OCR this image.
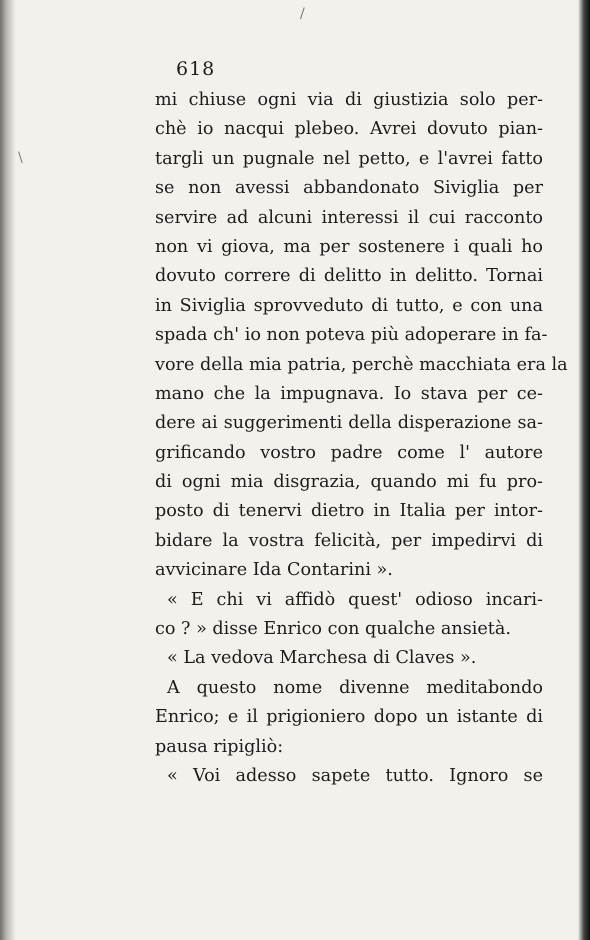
618
mi chiuse ogni via di giustizia solo per-
chè io nacqui plebeo. Avrei dovuto pian-
targli un pugnale nel petto, e l'avrei fatto
se non avessi abbandonato Siviglia per
servire ad alcuni interessi il cui racconto
non vi giova, ma per sostenere i quali ho
dovuto correre di delitto in delitto. Tornai
in Siviglia sprovveduto di tutto, e con una
spada ch' io non poteva più adoperare in fa-
vore della mia patria, perchè macchiata era la
mano che la impugnava. Io stava per ce-
dere ai suggerimenti della disperazione sa-
grificando vostro padre come l' autore
di ogni mia disgrazia, quando mi fu pro-
posto di tenervi dietro in Italia per intor-
bidare la vostra felicità, per impedirvi di
avvicinare Ida Contarini ».
« E chi vi affidò quest' odioso incari-
co ? » disse Enrico con qualche ansietà.
« La vedova Marchesa di Claves ».
A questo nome divenne meditabondo
Enrico; e il prigioniero dopo un istante di
pausa ripigliò:
« Voi adesso sapete tutto. Ignoro se
/
\
